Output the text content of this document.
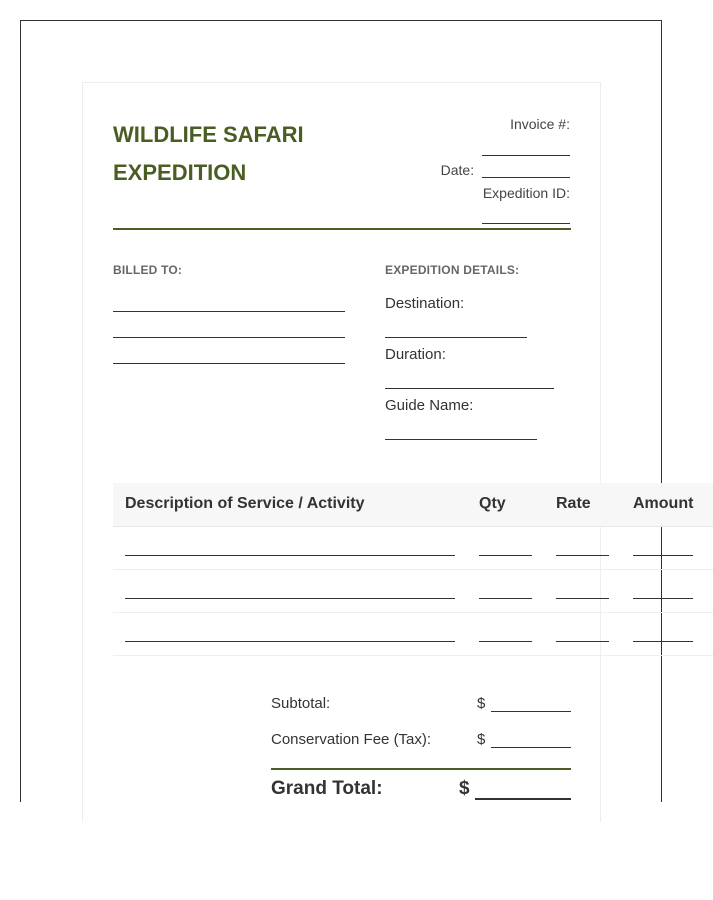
WILDLIFE SAFARI
EXPEDITION
Invoice #:
Date:
Expedition ID:
BILLED TO:	EXPEDITION DETAILS:
Destination:
Duration:
Guide Name:
Description of Service / Activity	Qty	Rate	Amount
Subtotal:	$
Conservation Fee (Tax):	$
Grand Total:	$
